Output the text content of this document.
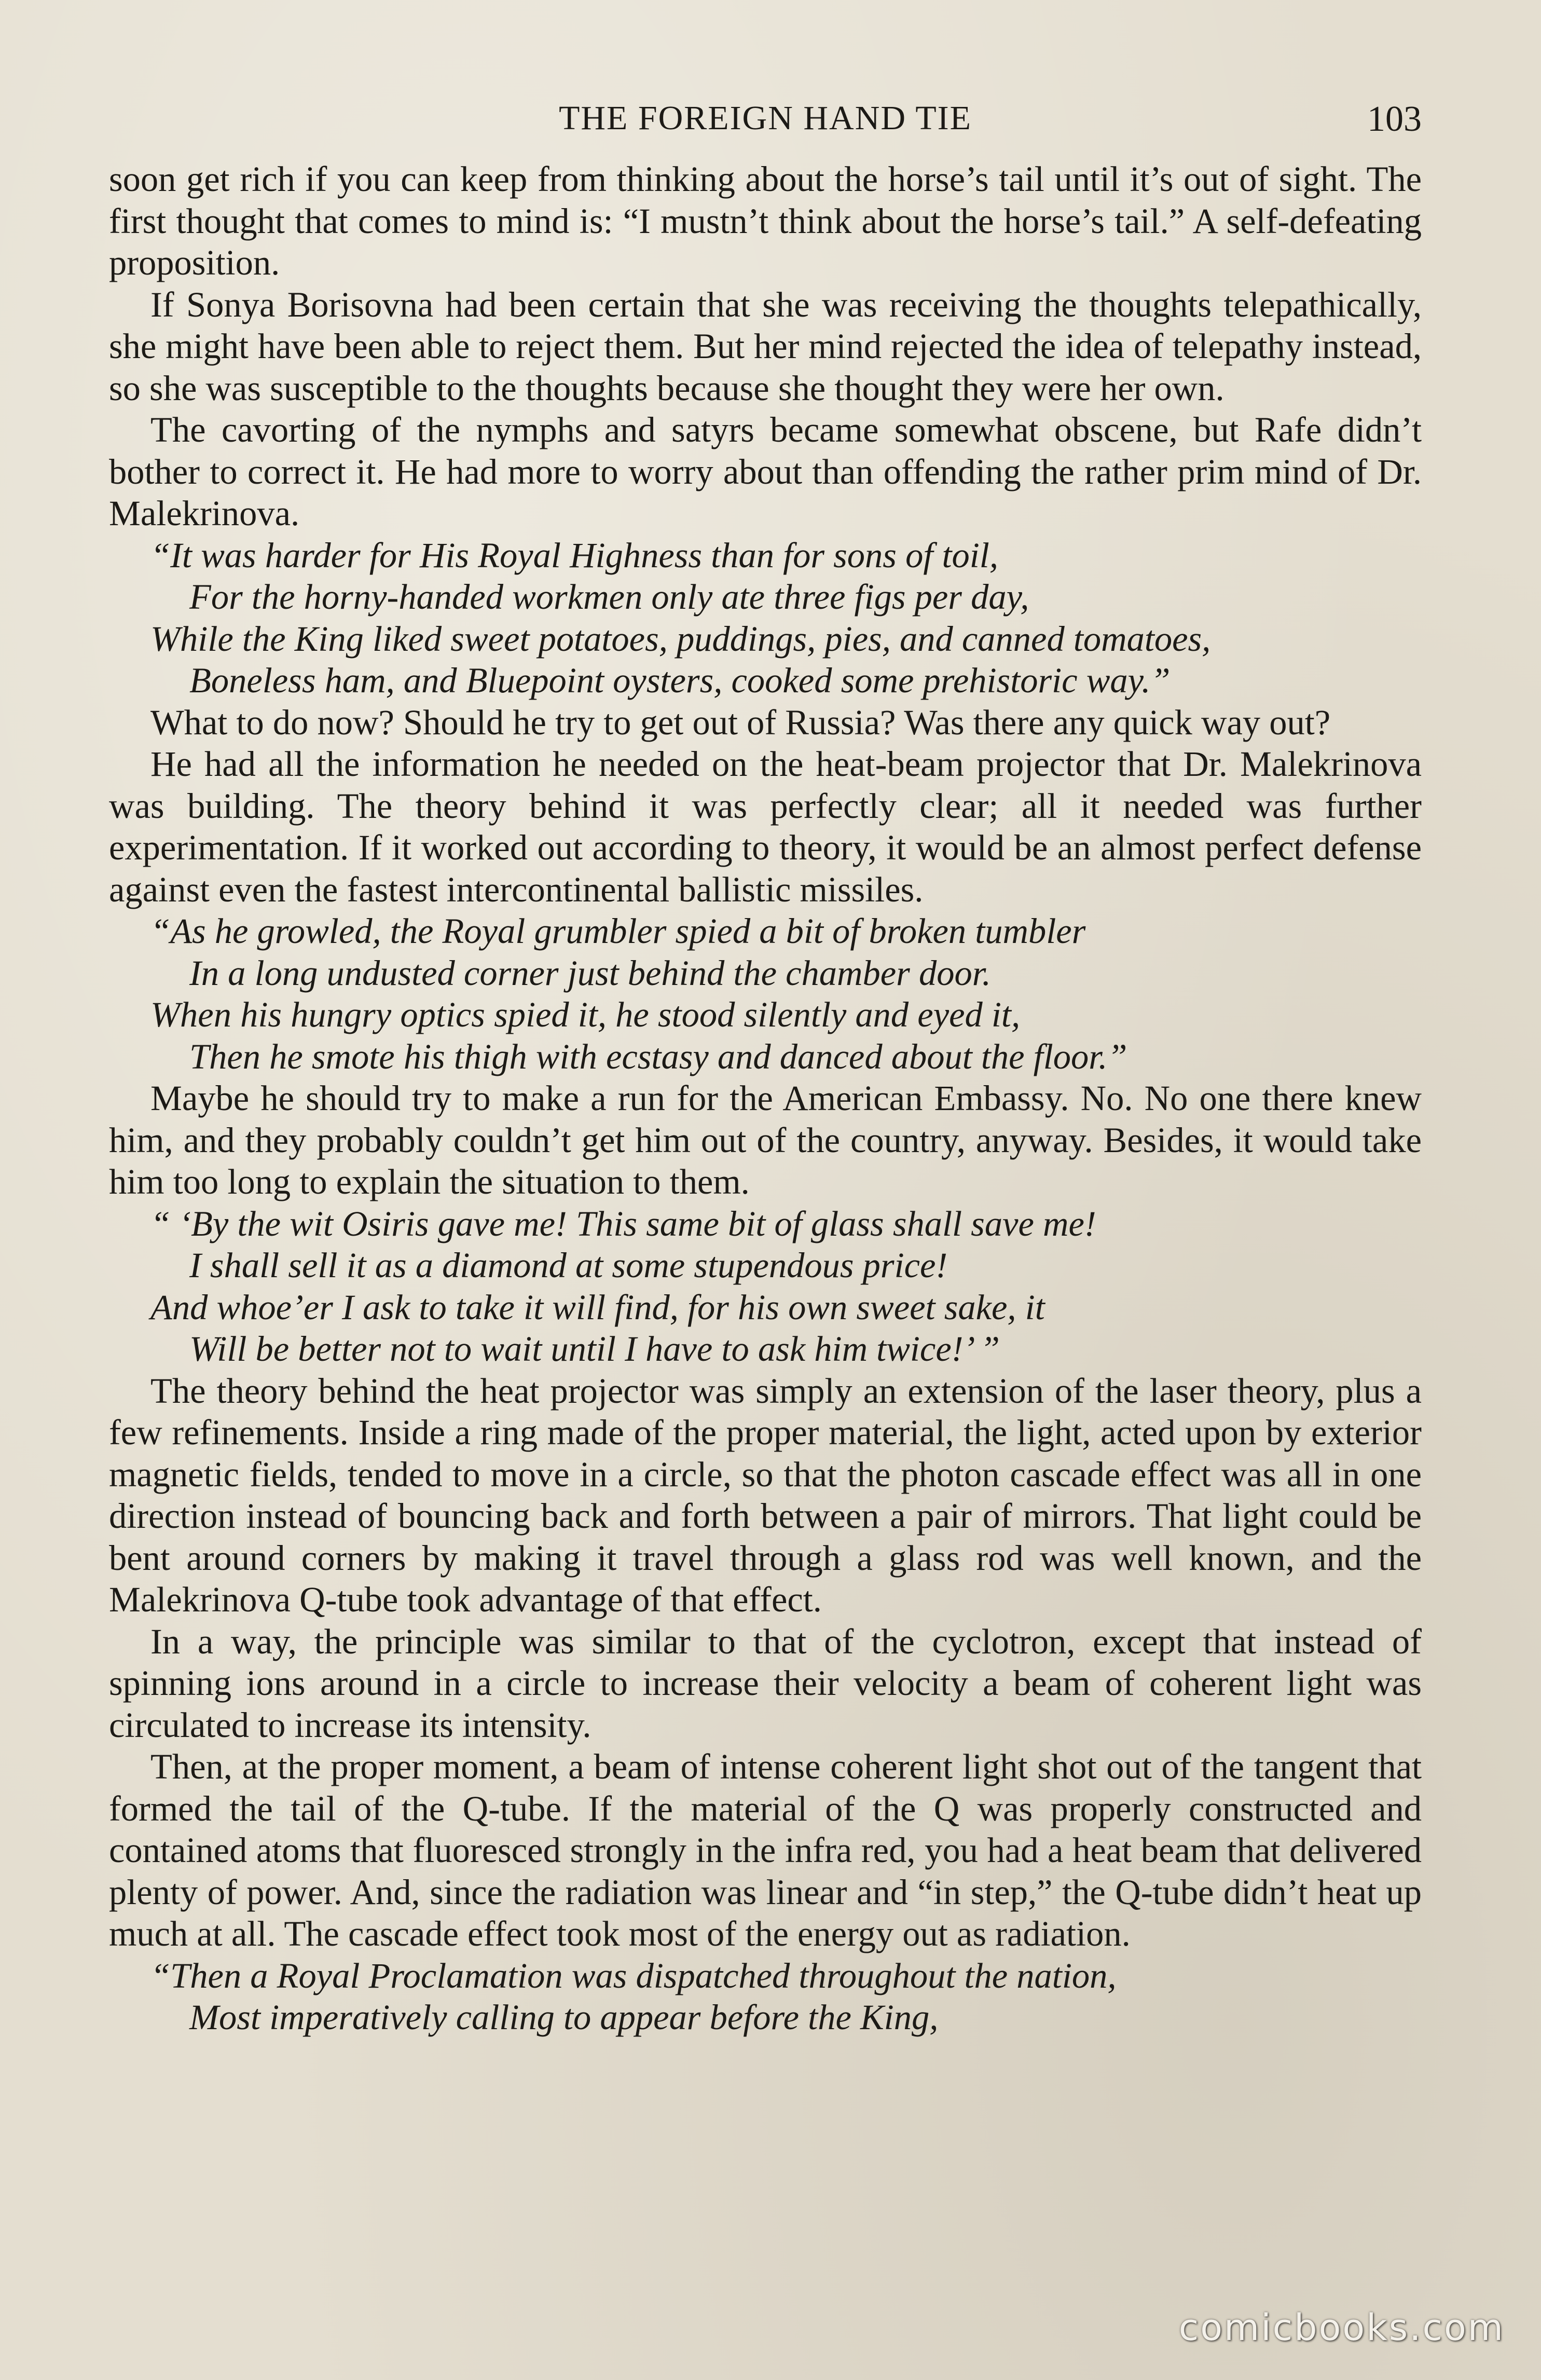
THE FOREIGN HAND TIE	103

soon get rich if you can keep from thinking about the horse’s tail until it’s out of sight. The first thought that comes to mind is: “I mustn’t think about the horse’s tail.” A self-defeating proposition.

If Sonya Borisovna had been certain that she was receiving the thoughts telepathically, she might have been able to reject them. But her mind rejected the idea of telepathy instead, so she was susceptible to the thoughts because she thought they were her own.

The cavorting of the nymphs and satyrs became somewhat obscene, but Rafe didn’t bother to correct it. He had more to worry about than offending the rather prim mind of Dr. Malekrinova.

“It was harder for His Royal Highness than for sons of toil,
For the horny-handed workmen only ate three figs per day,
While the King liked sweet potatoes, puddings, pies, and canned tomatoes,
Boneless ham, and Bluepoint oysters, cooked some prehistoric way.”

What to do now? Should he try to get out of Russia? Was there any quick way out?

He had all the information he needed on the heat-beam projector that Dr. Malekrinova was building. The theory behind it was perfectly clear; all it needed was further experimentation. If it worked out according to theory, it would be an almost perfect defense against even the fastest intercontinental ballistic missiles.

“As he growled, the Royal grumbler spied a bit of broken tumbler
In a long undusted corner just behind the chamber door.
When his hungry optics spied it, he stood silently and eyed it,
Then he smote his thigh with ecstasy and danced about the floor.”

Maybe he should try to make a run for the American Embassy. No. No one there knew him, and they probably couldn’t get him out of the country, anyway. Besides, it would take him too long to explain the situation to them.

“ ‘By the wit Osiris gave me! This same bit of glass shall save me!
I shall sell it as a diamond at some stupendous price!
And whoe’er I ask to take it will find, for his own sweet sake, it
Will be better not to wait until I have to ask him twice!’ ”

The theory behind the heat projector was simply an extension of the laser theory, plus a few refinements. Inside a ring made of the proper material, the light, acted upon by exterior magnetic fields, tended to move in a circle, so that the photon cascade effect was all in one direction instead of bouncing back and forth between a pair of mirrors. That light could be bent around corners by making it travel through a glass rod was well known, and the Malekrinova Q-tube took advantage of that effect.

In a way, the principle was similar to that of the cyclotron, except that instead of spinning ions around in a circle to increase their velocity a beam of coherent light was circulated to increase its intensity.

Then, at the proper moment, a beam of intense coherent light shot out of the tangent that formed the tail of the Q-tube. If the material of the Q was properly constructed and contained atoms that fluoresced strongly in the infra red, you had a heat beam that delivered plenty of power. And, since the radiation was linear and “in step,” the Q-tube didn’t heat up much at all. The cascade effect took most of the energy out as radiation.

“Then a Royal Proclamation was dispatched throughout the nation,
Most imperatively calling to appear before the King,
comicbooks.com
